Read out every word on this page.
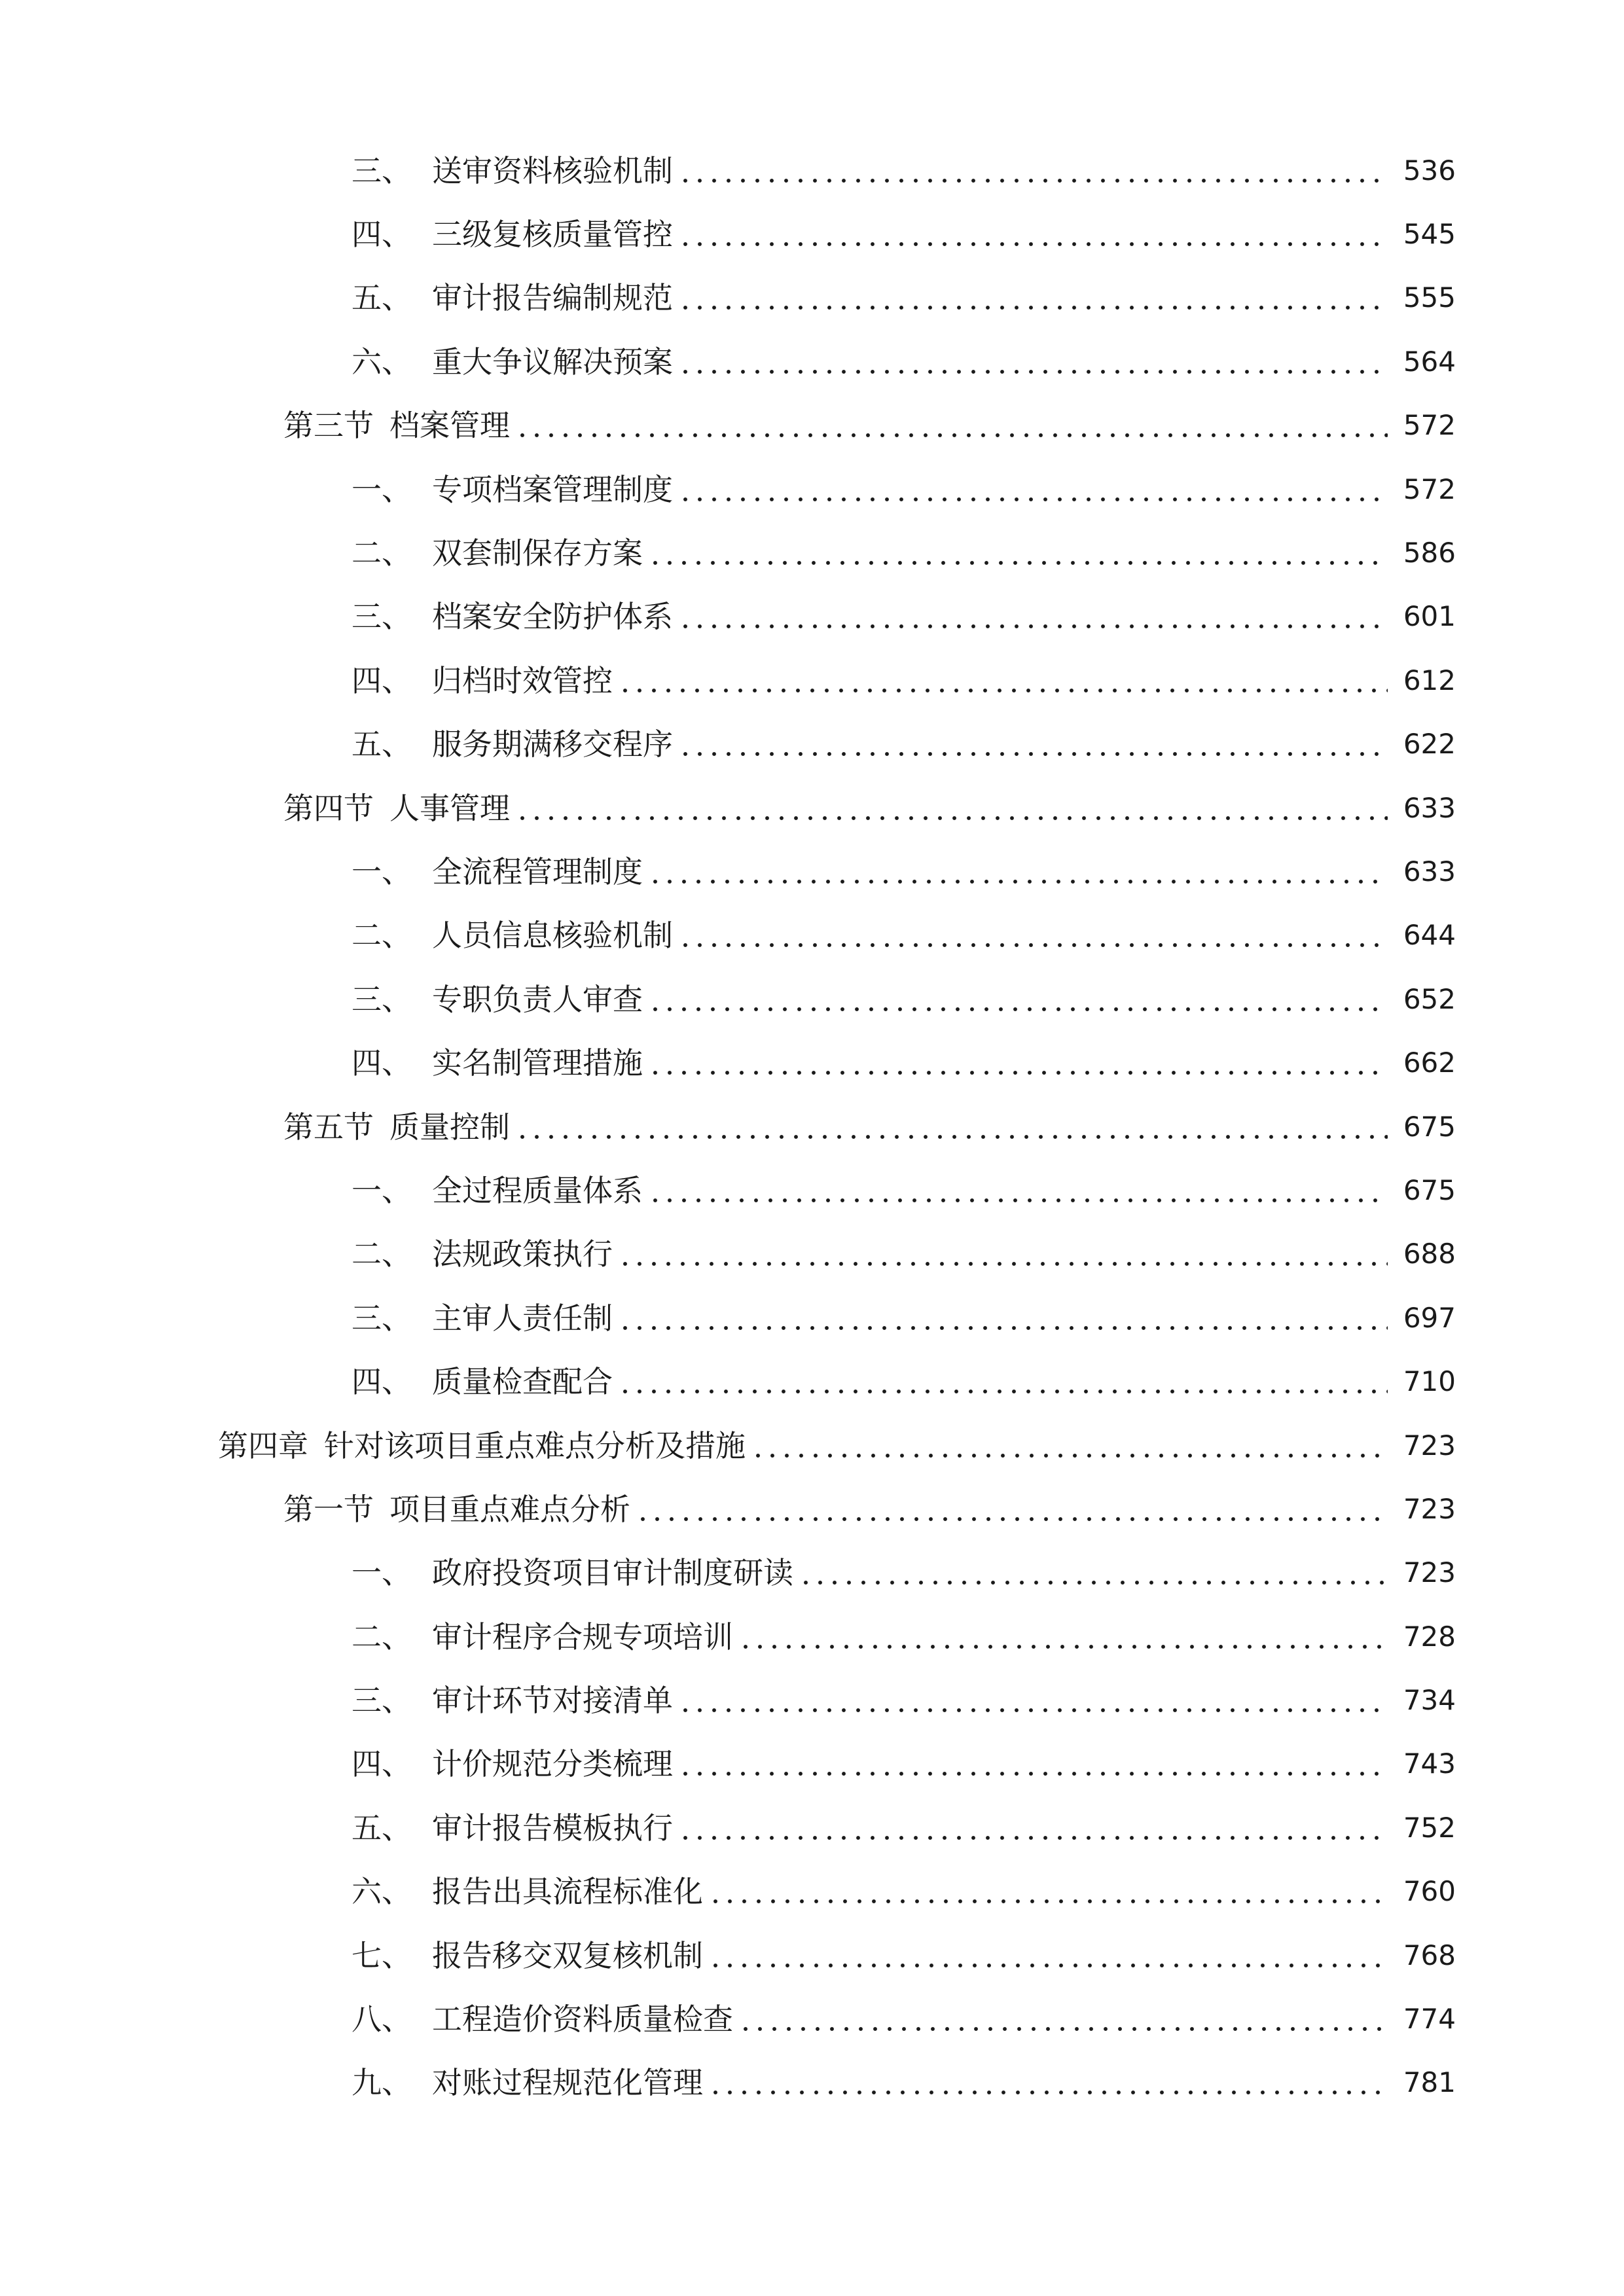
三、 送审资料核验机制	536
四、 三级复核质量管控	545
五、 审计报告编制规范	555
六、 重大争议解决预案	564
第三节 档案管理	572
一、 专项档案管理制度	572
二、 双套制保存方案	586
三、 档案安全防护体系	601
四、 归档时效管控	612
五、 服务期满移交程序	622
第四节 人事管理	633
一、 全流程管理制度	633
二、 人员信息核验机制	644
三、 专职负责人审查	652
四、 实名制管理措施	662
第五节 质量控制	675
一、 全过程质量体系	675
二、 法规政策执行	688
三、 主审人责任制	697
四、 质量检查配合	710
第四章 针对该项目重点难点分析及措施	723
第一节 项目重点难点分析	723
一、 政府投资项目审计制度研读	723
二、 审计程序合规专项培训	728
三、 审计环节对接清单	734
四、 计价规范分类梳理	743
五、 审计报告模板执行	752
六、 报告出具流程标准化	760
七、 报告移交双复核机制	768
八、 工程造价资料质量检查	774
九、 对账过程规范化管理	781
